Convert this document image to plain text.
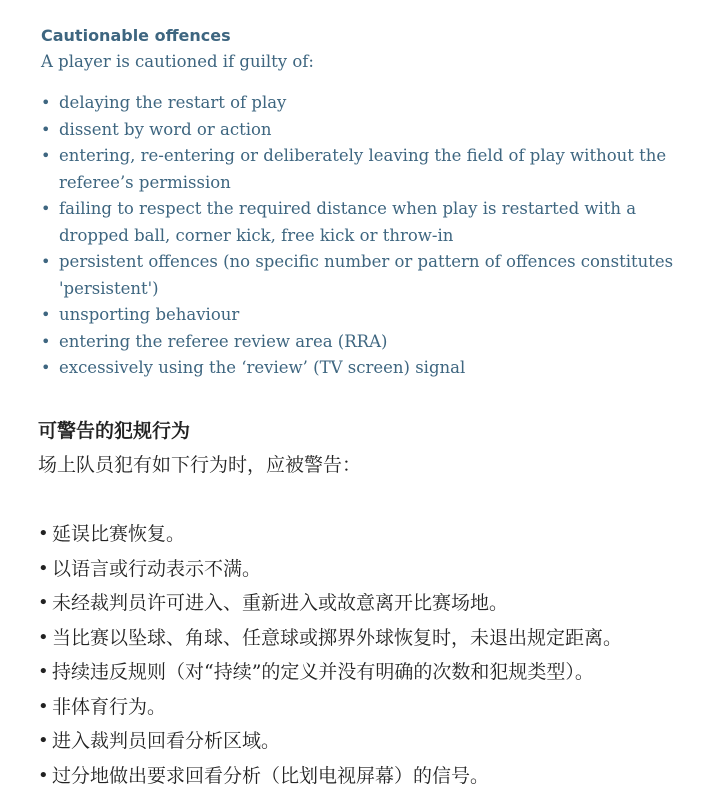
Cautionable offences

A player is cautioned if guilty of:

• delaying the restart of play
• dissent by word or action
• entering, re-entering or deliberately leaving the field of play without the referee’s permission
• failing to respect the required distance when play is restarted with a dropped ball, corner kick, free kick or throw-in
• persistent offences (no specific number or pattern of offences constitutes 'persistent')
• unsporting behaviour
• entering the referee review area (RRA)
• excessively using the ‘review’ (TV screen) signal
可警告的犯规行为

场上队员犯有如下行为时，应被警告：

• 延误比赛恢复。
• 以语言或行动表示不满。
• 未经裁判员许可进入、重新进入或故意离开比赛场地。
• 当比赛以坠球、角球、任意球或掷界外球恢复时，未退出规定距离。
• 持续违反规则（对“持续”的定义并没有明确的次数和犯规类型）。
• 非体育行为。
• 进入裁判员回看分析区域。
• 过分地做出要求回看分析（比划电视屏幕）的信号。
